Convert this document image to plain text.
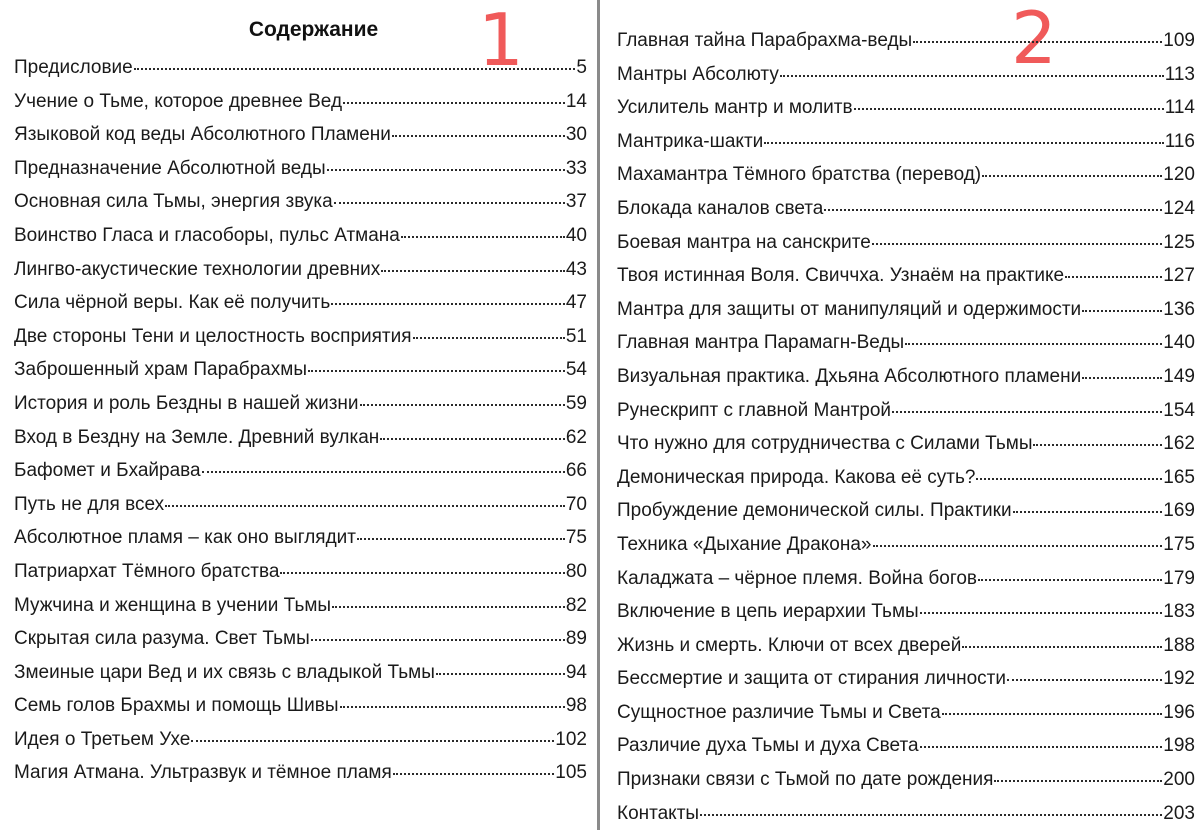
Содержание
Предисловие	5
Учение о Тьме, которое древнее Вед	14
Языковой код веды Абсолютного Пламени	30
Предназначение Абсолютной веды	33
Основная сила Тьмы, энергия звука	37
Воинство Гласа и гласоборы, пульс Атмана	40
Лингво-акустические технологии древних	43
Сила чёрной веры. Как её получить	47
Две стороны Тени и целостность восприятия	51
Заброшенный храм Парабрахмы	54
История и роль Бездны в нашей жизни	59
Вход в Бездну на Земле. Древний вулкан	62
Бафомет и Бхайрава	66
Путь не для всех	70
Абсолютное пламя – как оно выглядит	75
Патриархат Тёмного братства	80
Мужчина и женщина в учении Тьмы	82
Скрытая сила разума. Свет Тьмы	89
Змеиные цари Вед и их связь с владыкой Тьмы	94
Семь голов Брахмы и помощь Шивы	98
Идея о Третьем Ухе	102
Магия Атмана. Ультразвук и тёмное пламя	105
1	2
Главная тайна Парабрахма-веды	109
Мантры Абсолюту	113
Усилитель мантр и молитв	114
Мантрика-шакти	116
Махамантра Тёмного братства (перевод)	120
Блокада каналов света	124
Боевая мантра на санскрите	125
Твоя истинная Воля. Свиччха. Узнаём на практике	127
Мантра для защиты от манипуляций и одержимости	136
Главная мантра Парамагн-Веды	140
Визуальная практика. Дхьяна Абсолютного пламени	149
Рунескрипт с главной Мантрой	154
Что нужно для сотрудничества с Силами Тьмы	162
Демоническая природа. Какова её суть?	165
Пробуждение демонической силы. Практики	169
Техника «Дыхание Дракона»	175
Каладжата – чёрное племя. Война богов	179
Включение в цепь иерархии Тьмы	183
Жизнь и смерть. Ключи от всех дверей	188
Бессмертие и защита от стирания личности	192
Сущностное различие Тьмы и Света	196
Различие духа Тьмы и духа Света	198
Признаки связи с Тьмой по дате рождения	200
Контакты	203
